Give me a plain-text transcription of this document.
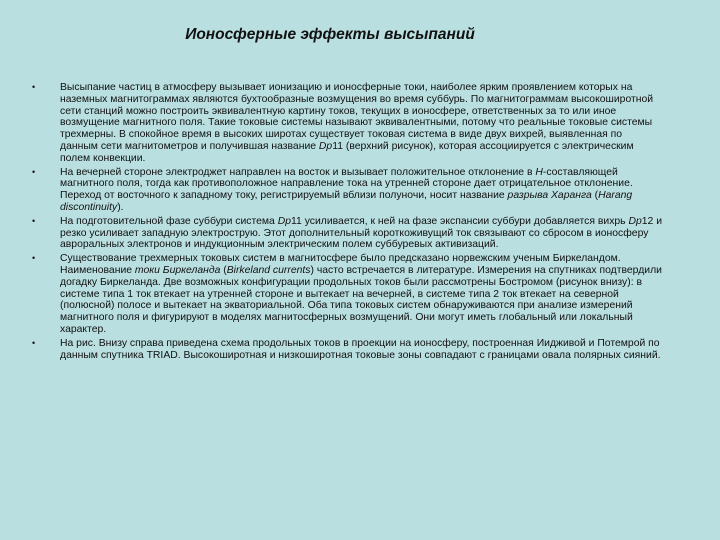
Ионосферные эффекты высыпаний
• Высыпание частиц в атмосферу вызывает ионизацию и ионосферные токи, наиболее ярким проявлением которых на наземных магнитограммах являются бухтообразные возмущения во время суббурь. По магнитограммам высокоширотной сети станций можно построить эквивалентную картину токов, текущих в ионосфере, ответственных за то или иное возмущение магнитного поля. Такие токовые системы называют эквивалентными, потому что реальные токовые системы трехмерны. В спокойное время в высоких широтах существует токовая система в виде двух вихрей, выявленная по данным сети магнитометров и получившая название Dp11 (верхний рисунок), которая ассоциируется с электрическим полем конвекции.
• На вечерней стороне электроджет направлен на восток и вызывает положительное отклонение в H-составляющей магнитного поля, тогда как противоположное направление тока на утренней стороне дает отрицательное отклонение. Переход от восточного к западному току, регистрируемый вблизи полуночи, носит название разрыва Харанга (Harang discontinuity).
• На подготовительной фазе суббури система Dp11 усиливается, к ней на фазе экспансии суббури добавляется вихрь Dp12 и резко усиливает западную электрострую. Этот дополнительный короткоживущий ток связывают со сбросом в ионосферу авроральных электронов и индукционным электрическим полем суббуревых активизаций.
• Существование трехмерных токовых систем в магнитосфере было предсказано норвежским ученым Биркеландом. Наименование токи Биркеланда (Birkeland currents) часто встречается в литературе. Измерения на спутниках подтвердили догадку Биркеланда. Две возможных конфигурации продольных токов были рассмотрены Бостромом (рисунок внизу): в системе типа 1 ток втекает на утренней стороне и вытекает на вечерней, в системе типа 2 ток втекает на северной (полюсной) полосе и вытекает на экваториальной. Оба типа токовых систем обнаруживаются при анализе измерений магнитного поля и фигурируют в моделях магнитосферных возмущений. Они могут иметь глобальный или локальный характер.
• На рис. Внизу справа приведена схема продольных токов в проекции на ионосферу, построенная Иидживой и Потемрой по данным спутника TRIAD. Высокоширотная и низкоширотная токовые зоны совпадают с границами овала полярных сияний.
